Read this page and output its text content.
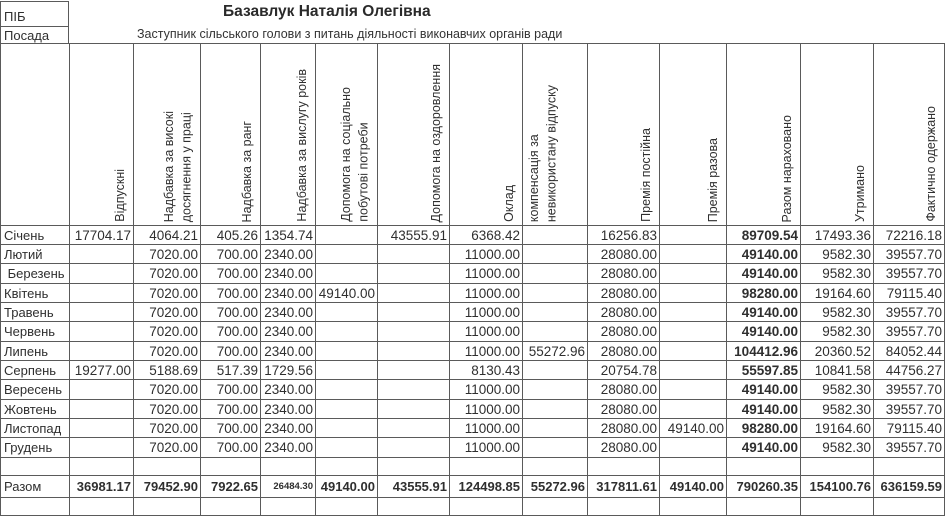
ПІБ
Посада
Базавлук Наталія Олегівна
Заступник сільського голови з питань діяльності виконавчих органів ради

	Відпускні	Надбавка за високі досягнення у праці	Надбавка за ранг	Надбавка за вислугу років	Допомога на соціально побутові потреби	Допомога на оздоровлення	Оклад	компенсація за невикористану відпуску	Премія постійна	Премія разова	Разом нараховано	Утримано	Фактично одержано

Січень	17704.17	4064.21	405.26	1354.74		43555.91	6368.42		16256.83		89709.54	17493.36	72216.18
Лютий		7020.00	700.00	2340.00			11000.00		28080.00		49140.00	9582.30	39557.70
Березень		7020.00	700.00	2340.00			11000.00		28080.00		49140.00	9582.30	39557.70
Квітень		7020.00	700.00	2340.00	49140.00		11000.00		28080.00		98280.00	19164.60	79115.40
Травень		7020.00	700.00	2340.00			11000.00		28080.00		49140.00	9582.30	39557.70
Червень		7020.00	700.00	2340.00			11000.00		28080.00		49140.00	9582.30	39557.70
Липень		7020.00	700.00	2340.00			11000.00	55272.96	28080.00		104412.96	20360.52	84052.44
Серпень	19277.00	5188.69	517.39	1729.56			8130.43		20754.78		55597.85	10841.58	44756.27
Вересень		7020.00	700.00	2340.00			11000.00		28080.00		49140.00	9582.30	39557.70
Жовтень		7020.00	700.00	2340.00			11000.00		28080.00		49140.00	9582.30	39557.70
Листопад		7020.00	700.00	2340.00			11000.00		28080.00	49140.00	98280.00	19164.60	79115.40
Грудень		7020.00	700.00	2340.00			11000.00		28080.00		49140.00	9582.30	39557.70

Разом	36981.17	79452.90	7922.65	26484.30	49140.00	43555.91	124498.85	55272.96	317811.61	49140.00	790260.35	154100.76	636159.59
